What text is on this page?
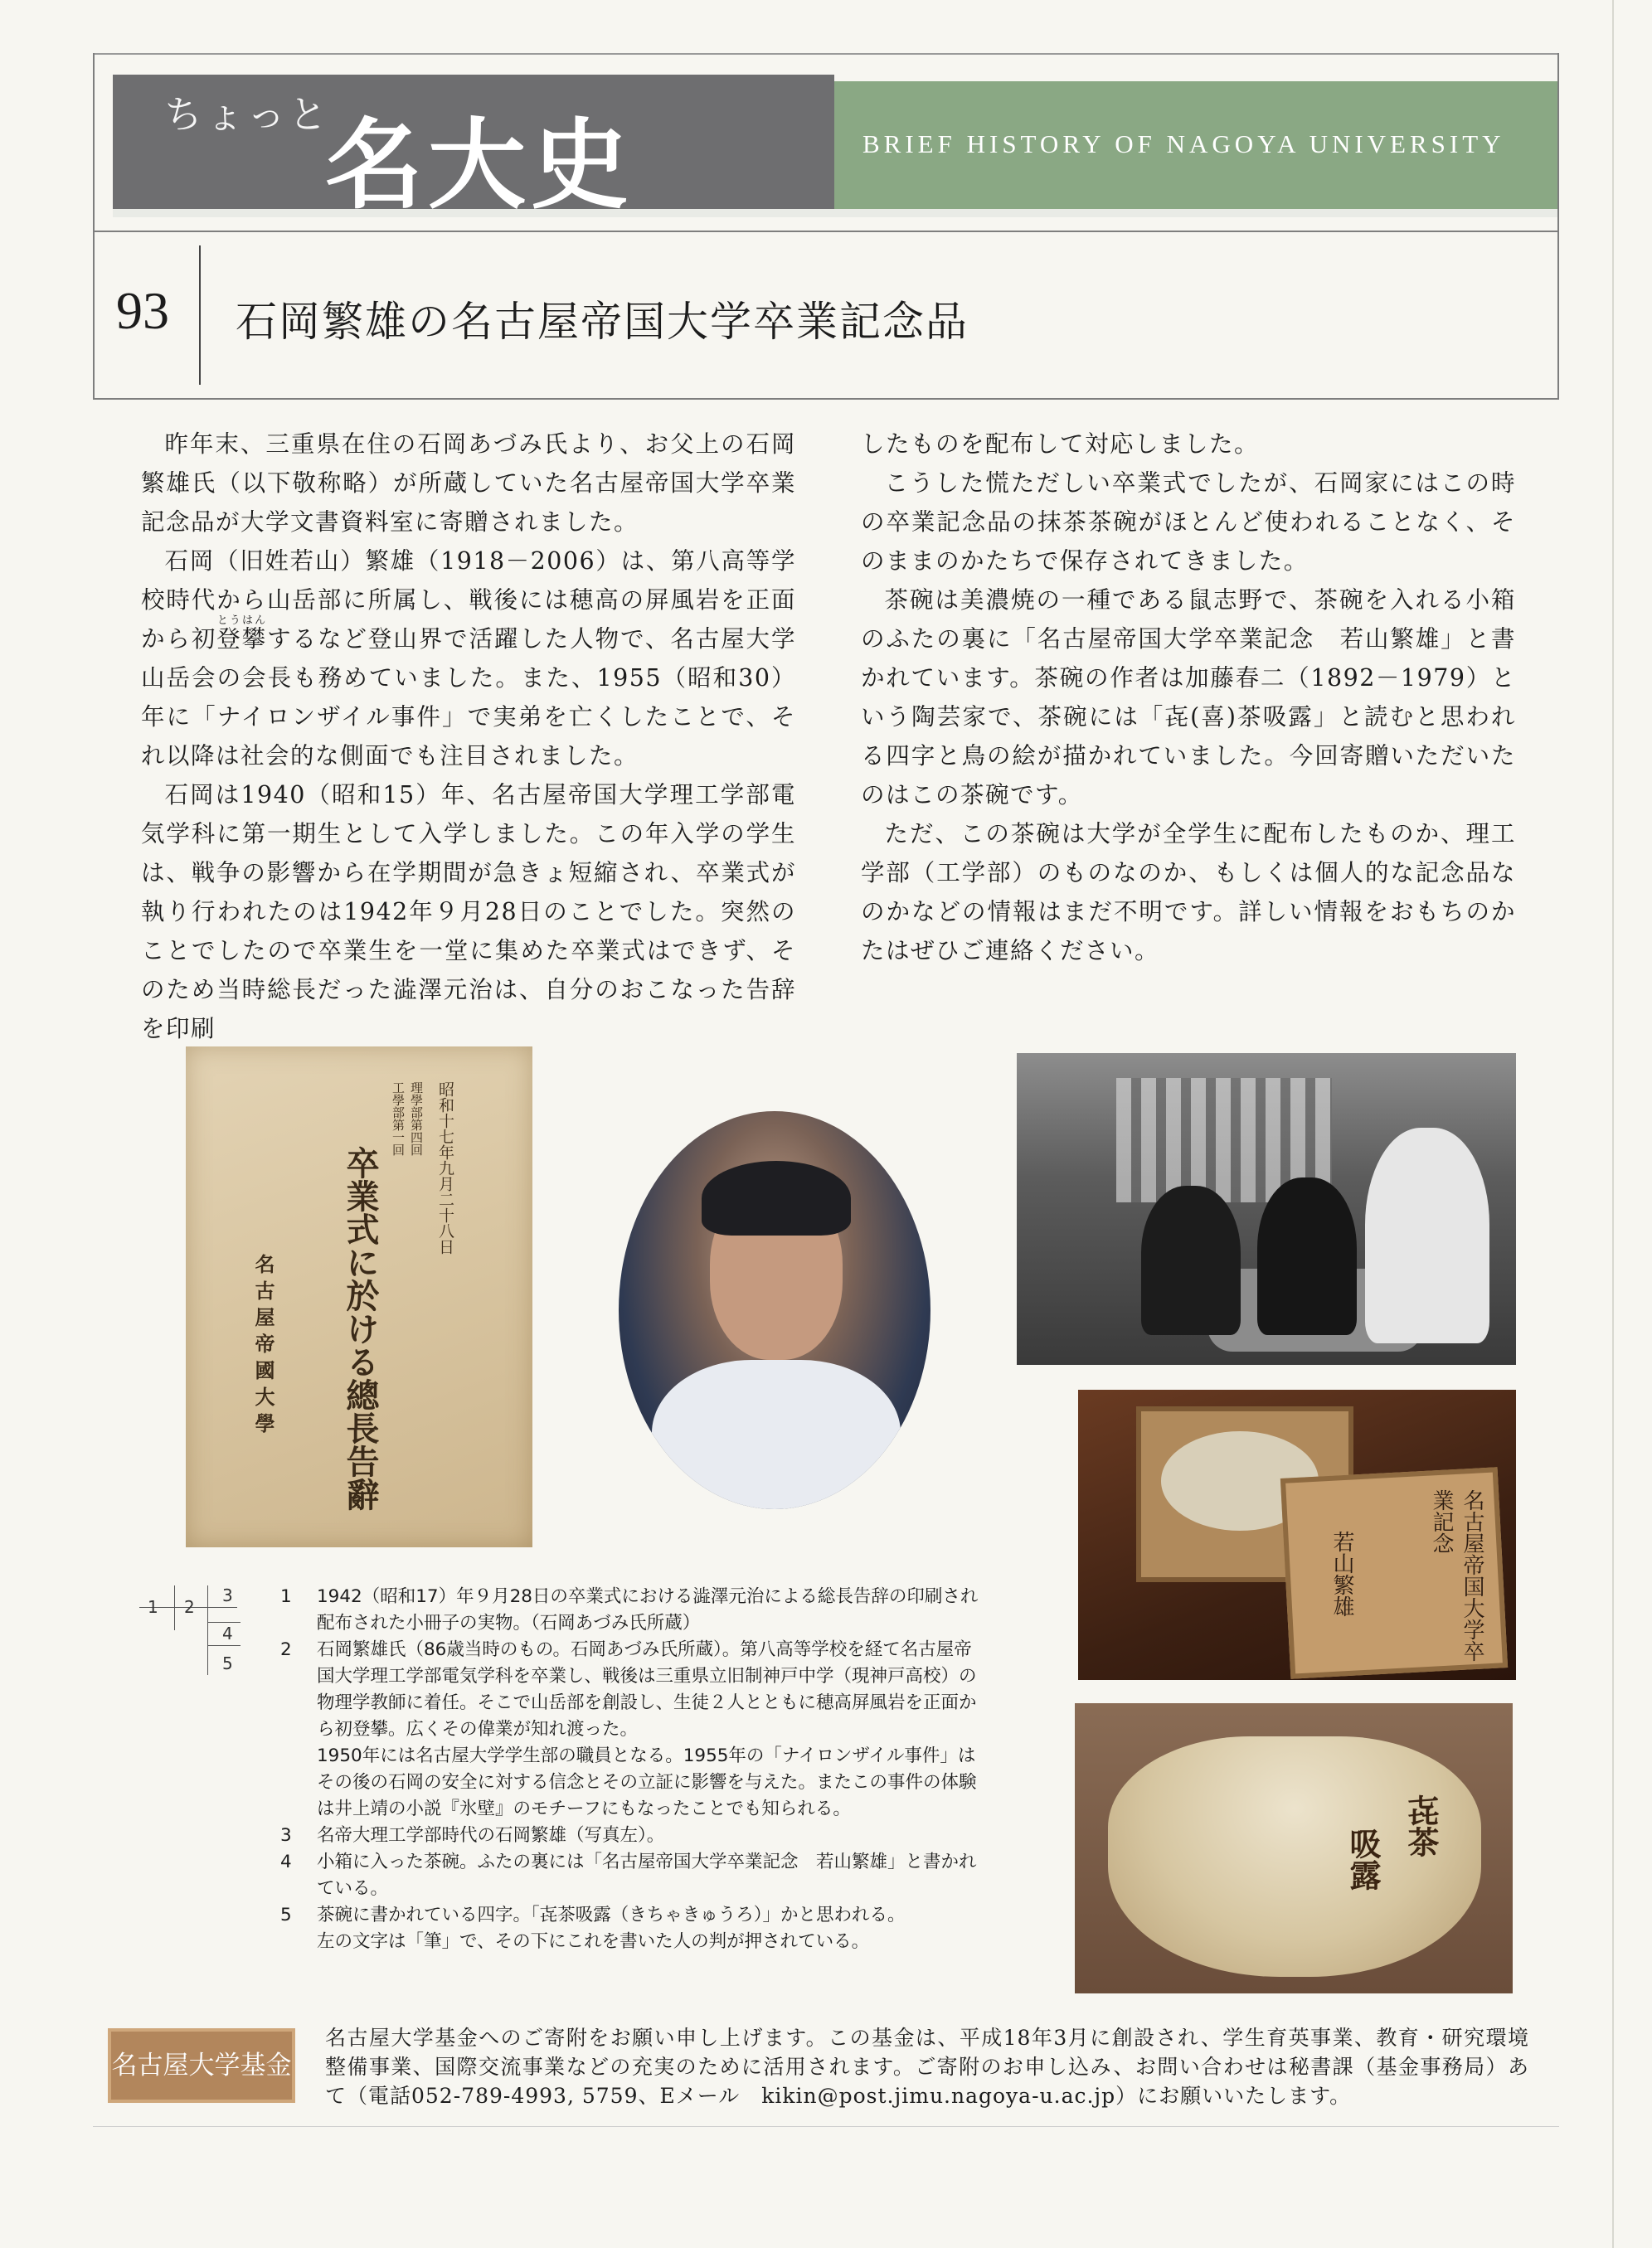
ちょっと
名大史	BRIEF HISTORY OF NAGOYA UNIVERSITY
93 石岡繁雄の名古屋帝国大学卒業記念品

昨年末、三重県在住の石岡あづみ氏より、お父上の石岡繁雄氏（以下敬称略）が所蔵していた名古屋帝国大学卒業記念品が大学文書資料室に寄贈されました。

石岡（旧姓若山）繁雄（1918－2006）は、第八高等学校時代から山岳部に所属し、戦後には穂高の屏風岩を正面から初登攀とうはんするなど登山界で活躍した人物で、名古屋大学山岳会の会長も務めていました。また、1955（昭和30）年に「ナイロンザイル事件」で実弟を亡くしたことで、それ以降は社会的な側面でも注目されました。

石岡は1940（昭和15）年、名古屋帝国大学理工学部電気学科に第一期生として入学しました。この年入学の学生は、戦争の影響から在学期間が急きょ短縮され、卒業式が執り行われたのは1942年９月28日のことでした。突然のことでしたので卒業生を一堂に集めた卒業式はできず、そのため当時総長だった澁澤元治は、自分のおこなった告辞を印刷

したものを配布して対応しました。

こうした慌ただしい卒業式でしたが、石岡家にはこの時の卒業記念品の抹茶茶碗がほとんど使われることなく、そのままのかたちで保存されてきました。

茶碗は美濃焼の一種である鼠志野で、茶碗を入れる小箱のふたの裏に「名古屋帝国大学卒業記念　若山繁雄」と書かれています。茶碗の作者は加藤春二（1892－1979）という陶芸家で、茶碗には「㐂(喜)茶吸露」と読むと思われる四字と鳥の絵が描かれていました。今回寄贈いただいたのはこの茶碗です。

ただ、この茶碗は大学が全学生に配布したものか、理工学部（工学部）のものなのか、もしくは個人的な記念品なのかなどの情報はまだ不明です。詳しい情報をおもちのかたはぜひご連絡ください。

昭和十七年九月二十八日
理學部第四回
工學部第一回
卒業式に於ける總長告辭
名古屋帝國大學
名古屋帝国大学卒業記念
若山繁雄
㐂茶
吸露
1 2
3
4
5
1 1942（昭和17）年９月28日の卒業式における澁澤元治による総長告辞の印刷され
配布された小冊子の実物。（石岡あづみ氏所蔵）
2 石岡繁雄氏（86歳当時のもの。石岡あづみ氏所蔵）。第八高等学校を経て名古屋帝
国大学理工学部電気学科を卒業し、戦後は三重県立旧制神戸中学（現神戸高校）の
物理学教師に着任。そこで山岳部を創設し、生徒２人とともに穂高屏風岩を正面か
ら初登攀。広くその偉業が知れ渡った。
1950年には名古屋大学学生部の職員となる。1955年の「ナイロンザイル事件」は
その後の石岡の安全に対する信念とその立証に影響を与えた。またこの事件の体験
は井上靖の小説『氷壁』のモチーフにもなったことでも知られる。
3 名帝大理工学部時代の石岡繁雄（写真左）。
4 小箱に入った茶碗。ふたの裏には「名古屋帝国大学卒業記念　若山繁雄」と書かれ
ている。
5 茶碗に書かれている四字。「㐂茶吸露（きちゃきゅうろ）」かと思われる。
左の文字は「筆」で、その下にこれを書いた人の判が押されている。
名古屋大学基金
名古屋大学基金へのご寄附をお願い申し上げます。この基金は、平成18年3月に創設され、学生育英事業、教育・研究環境整備事業、国際交流事業などの充実のために活用されます。ご寄附のお申し込み、お問い合わせは秘書課（基金事務局）あて（電話052-789-4993, 5759、Eメール　kikin@post.jimu.nagoya-u.ac.jp）にお願いいたします。
